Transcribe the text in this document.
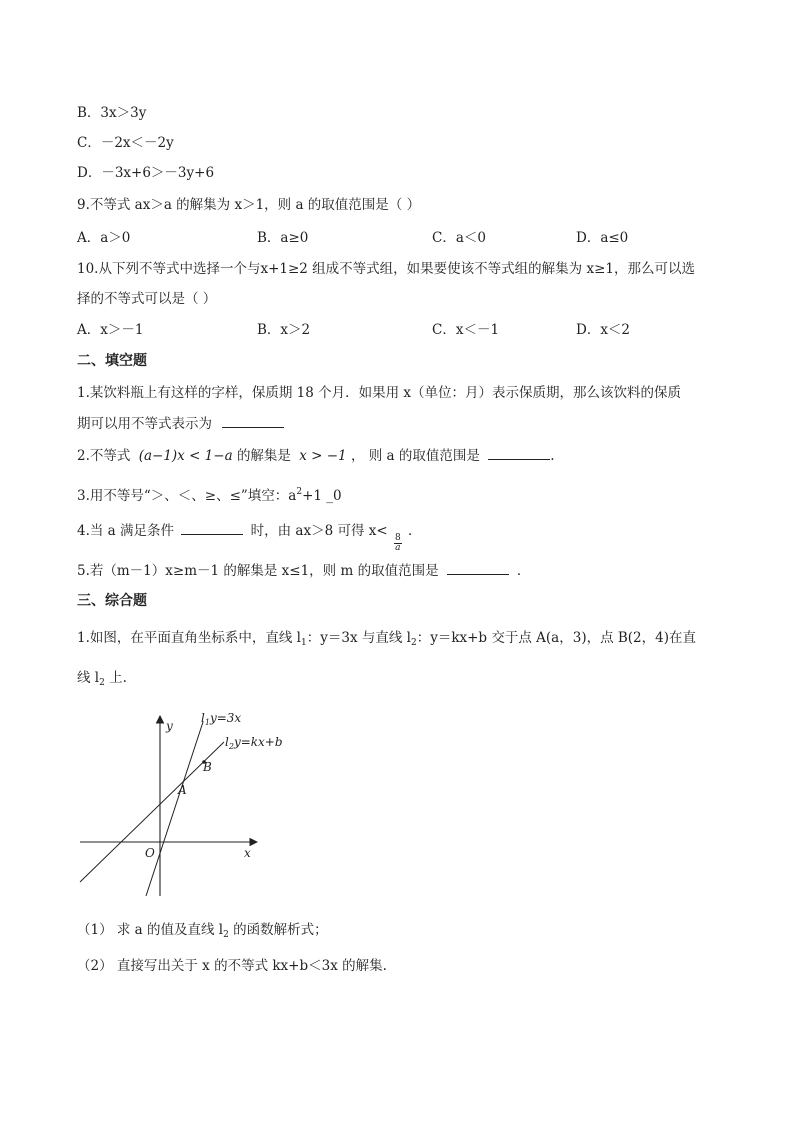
B．3x＞3y
C．－2x＜－2y
D．－3x+6＞－3y+6
9.不等式 ax＞a 的解集为 x＞1，则 a 的取值范围是（ ）
A．a＞0	B．a≥0	C．a＜0	D．a≤0
10.从下列不等式中选择一个与x+1≥2 组成不等式组，如果要使该不等式组的解集为 x≥1，那么可以选
择的不等式可以是（ ）
A．x＞－1	B．x＞2	C．x＜－1	D．x＜2
二、填空题
1.某饮料瓶上有这样的字样，保质期 18 个月．如果用 x（单位：月）表示保质期，那么该饮料的保质
期可以用不等式表示为
2.不等式 (a−1)x < 1−a 的解集是 x > −1 ， 则 a 的取值范围是	.
3.用不等号“＞、＜、≥、≤”填空：$a^2+1$ _0
4.当 a 满足条件	时，由 ax＞8 可得 x<
$\frac{8}{a}$
．
5.若（m－1）x≥m－1 的解集是 x≤1，则 m 的取值范围是	．
三、综合题
1.如图，在平面直角坐标系中，直线 $l_1$：y＝3x 与直线 $l_2$：y＝kx+b 交于点 A(a，3)，点 B(2，4)在直
线 $l_2$ 上.
y
x
O
A
B
$l_1y=3x$
$l_2y=kx+b$
（1） 求 a 的值及直线 $l_2$ 的函数解析式；
（2） 直接写出关于 x 的不等式 kx+b＜3x 的解集.
